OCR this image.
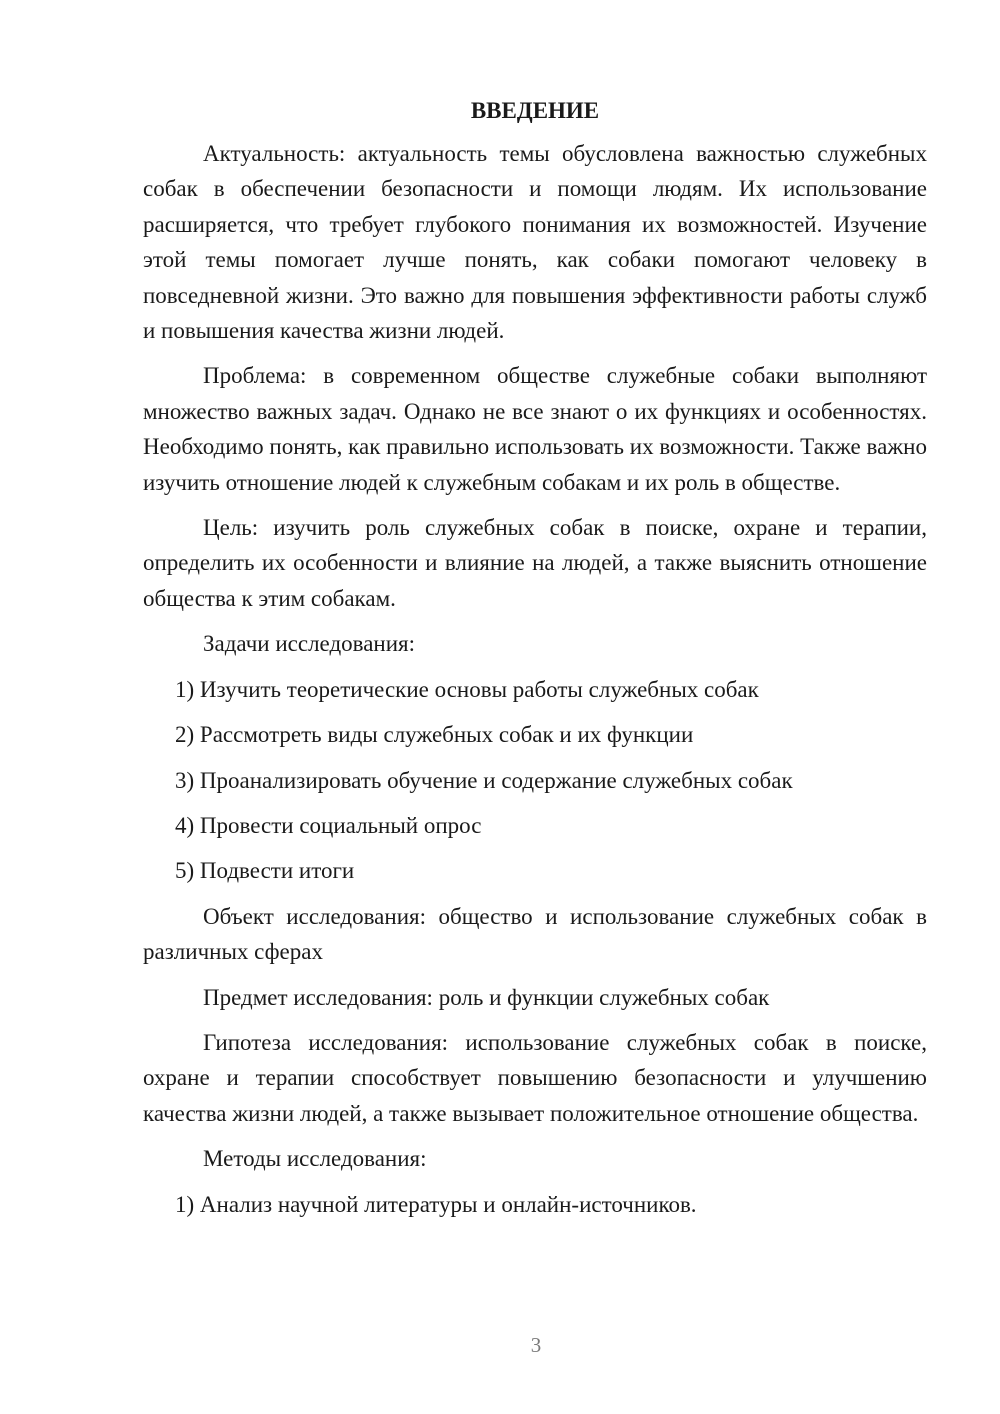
ВВЕДЕНИЕ
Актуальность: актуальность темы обусловлена важностью служебных собак в обеспечении безопасности и помощи людям. Их использование расширяется, что требует глубокого понимания их возможностей. Изучение этой темы помогает лучше понять, как собаки помогают человеку в повседневной жизни. Это важно для повышения эффективности работы служб и повышения качества жизни людей.
Проблема: в современном обществе служебные собаки выполняют множество важных задач. Однако не все знают о их функциях и особенностях. Необходимо понять, как правильно использовать их возможности. Также важно изучить отношение людей к служебным собакам и их роль в обществе.
Цель: изучить роль служебных собак в поиске, охране и терапии, определить их особенности и влияние на людей, а также выяснить отношение общества к этим собакам.
Задачи исследования:
1) Изучить теоретические основы работы служебных собак
2) Рассмотреть виды служебных собак и их функции
3) Проанализировать обучение и содержание служебных собак
4) Провести социальный опрос
5) Подвести итоги
Объект исследования: общество и использование служебных собак в различных сферах
Предмет исследования: роль и функции служебных собак
Гипотеза исследования: использование служебных собак в поиске, охране и терапии способствует повышению безопасности и улучшению качества жизни людей, а также вызывает положительное отношение общества.
Методы исследования:
1) Анализ научной литературы и онлайн-источников.
3
